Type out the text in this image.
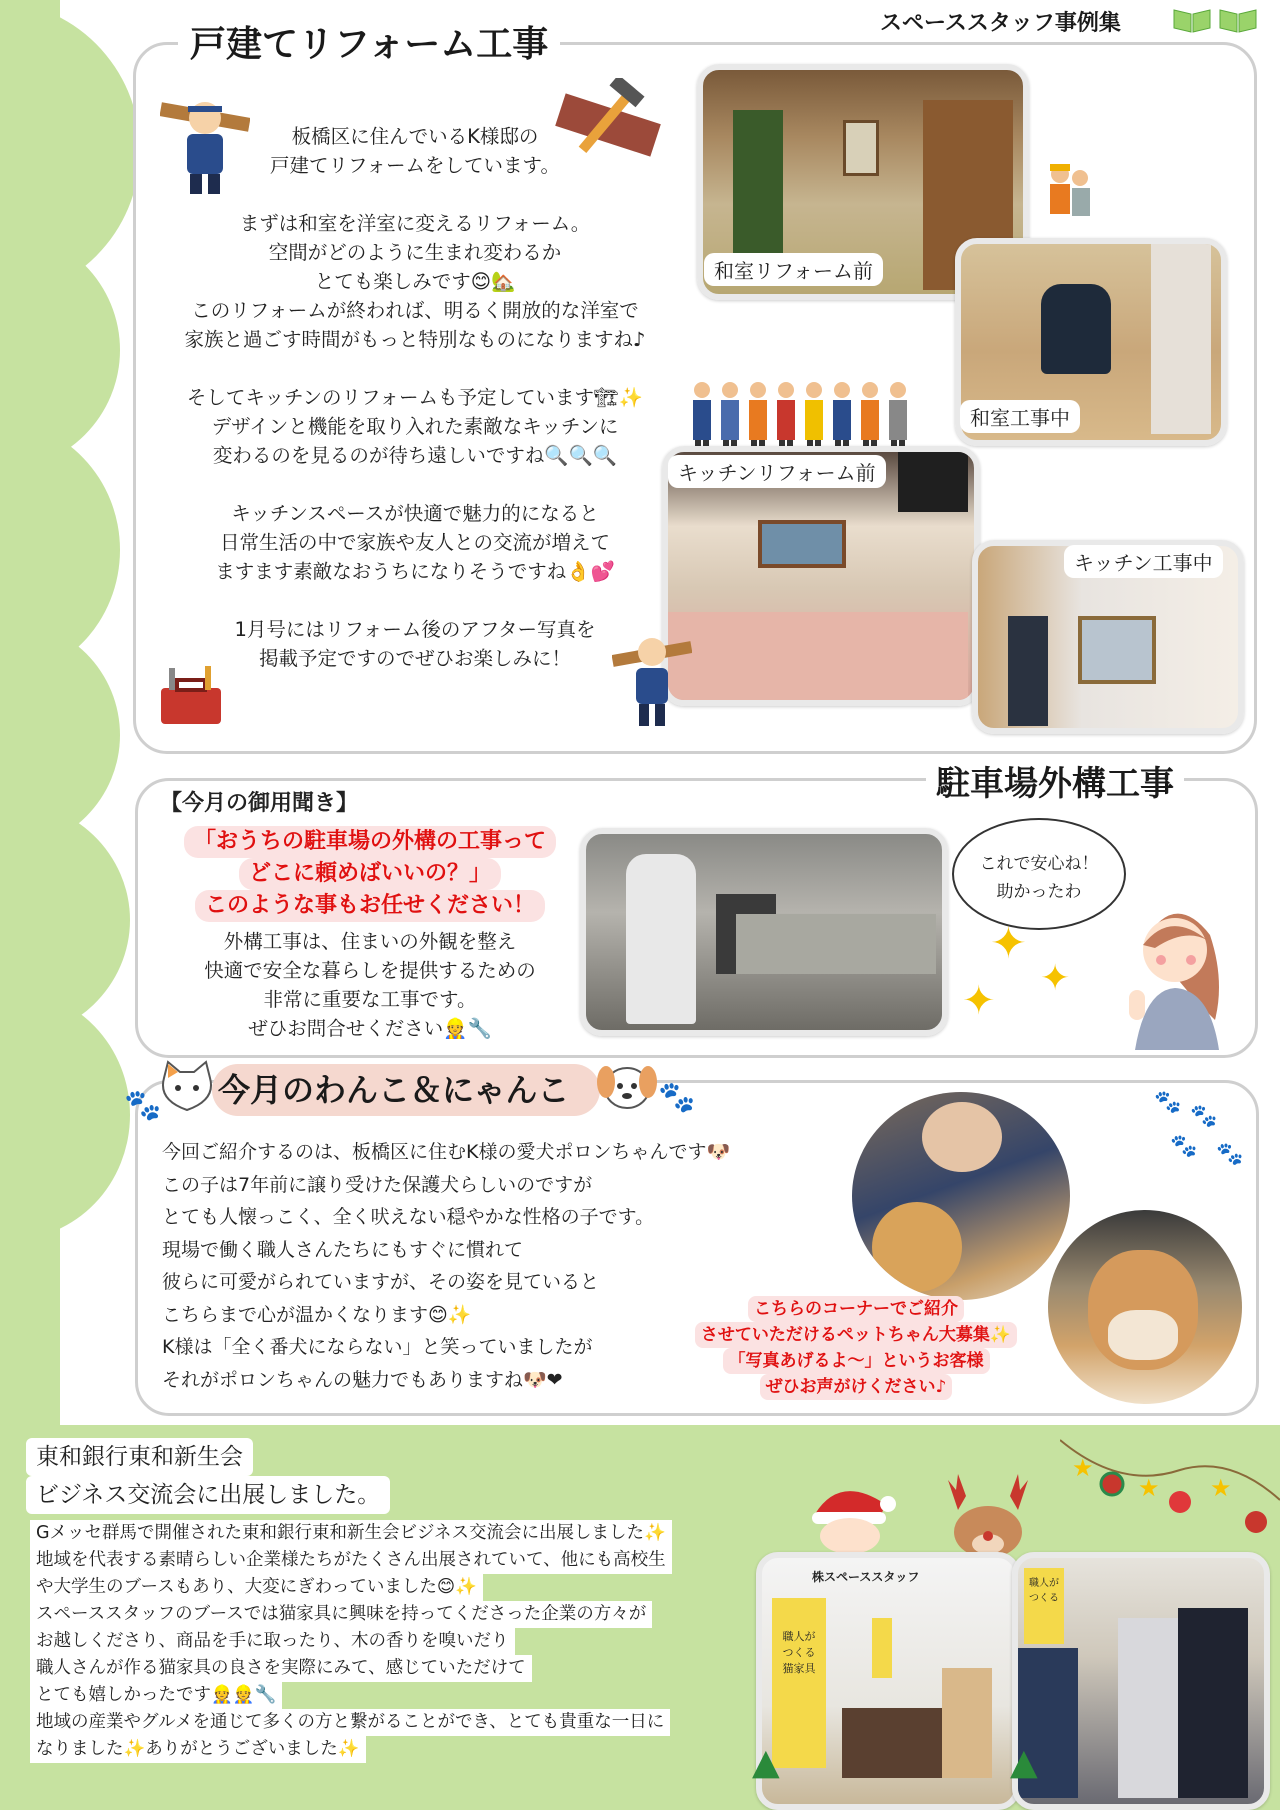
スペーススタッフ事例集
戸建てリフォーム工事

板橋区に住んでいるK様邸の

戸建てリフォームをしています。

まずは和室を洋室に変えるリフォーム。

空間がどのように生まれ変わるか

とても楽しみです😊🏡

このリフォームが終われば、明るく開放的な洋室で

家族と過ごす時間がもっと特別なものになりますね♪

そしてキッチンのリフォームも予定しています🏗✨

デザインと機能を取り入れた素敵なキッチンに

変わるのを見るのが待ち遠しいですね🔍🔍🔍

キッチンスペースが快適で魅力的になると

日常生活の中で家族や友人との交流が増えて

ますます素敵なおうちになりそうですね👌💕

1月号にはリフォーム後のアフター写真を

掲載予定ですのでぜひお楽しみに！

和室リフォーム前
和室工事中
キッチンリフォーム前
キッチン工事中
駐車場外構工事
【今月の御用聞き】
「おうちの駐車場の外構の工事って
どこに頼めばいいの？」
このような事もお任せください！

外構工事は、住まいの外観を整え

快適で安全な暮らしを提供するための

非常に重要な工事です。

ぜひお問合せください👷🔧

これで安心ね！
助かったわ
✦
✦
✦
今月のわんこ＆にゃんこ
🐾	🐾	🐾
🐾
🐾 🐾

今回ご紹介するのは、板橋区に住むK様の愛犬ポロンちゃんです🐶

この子は7年前に譲り受けた保護犬らしいのですが

とても人懐っこく、全く吠えない穏やかな性格の子です。

現場で働く職人さんたちにもすぐに慣れて

彼らに可愛がられていますが、その姿を見ていると

こちらまで心が温かくなります😊✨

K様は「全く番犬にならない」と笑っていましたが

それがポロンちゃんの魅力でもありますね🐶❤

こちらのコーナーでご紹介
させていただけるペットちゃん大募集✨
「写真あげるよ～」というお客様
ぜひお声がけください♪
東和銀行東和新生会
ビジネス交流会に出展しました。
Gメッセ群馬で開催された東和銀行東和新生会ビジネス交流会に出展しました✨
地域を代表する素晴らしい企業様たちがたくさん出展されていて、他にも高校生
や大学生のブースもあり、大変にぎわっていました😊✨
スペーススタッフのブースでは猫家具に興味を持ってくださった企業の方々が
お越しくださり、商品を手に取ったり、木の香りを嗅いだり
職人さんが作る猫家具の良さを実際にみて、感じていただけて
とても嬉しかったです👷👷🔧
地域の産業やグルメを通じて多くの方と繋がることができ、とても貴重な一日に
なりました✨ありがとうございました✨
★
★ ★
株スペーススタッフ
職人が
つくる
猫家具
職人が
つくる
▲	▲
